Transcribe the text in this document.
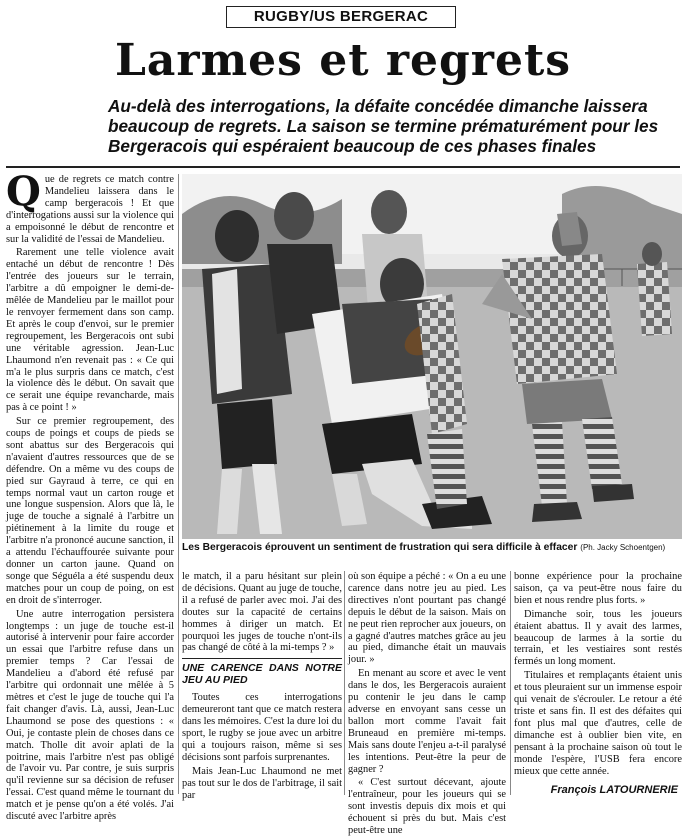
RUGBY/US BERGERAC
Larmes et regrets
Au-delà des interrogations, la défaite concédée dimanche laissera beaucoup de regrets. La saison se termine prématurément pour les Bergeracois qui espéraient beaucoup de ces phases finales

Que de regrets ce match contre Mandelieu laissera dans le camp bergeracois ! Et que d'interrogations aussi sur la violence qui a empoisonné le début de rencontre et sur la validité de l'essai de Mandelieu.

Rarement une telle violence avait entaché un début de rencontre ! Dès l'entrée des joueurs sur le terrain, l'arbitre a dû empoigner le demi-de-mêlée de Mandelieu par le maillot pour le renvoyer fermement dans son camp. Et après le coup d'envoi, sur le premier regroupement, les Bergeracois ont subi une véritable agression. Jean-Luc Lhaumond n'en revenait pas : « Ce qui m'a le plus surpris dans ce match, c'est la violence dès le début. On savait que ce serait une équipe revancharde, mais pas à ce point ! »

Sur ce premier regroupement, des coups de poings et coups de pieds se sont abattus sur des Bergeracois qui n'avaient d'autres ressources que de se défendre. On a même vu des coups de pied sur Gayraud à terre, ce qui en temps normal vaut un carton rouge et une longue suspension. Alors que là, le juge de touche a signalé à l'arbitre un piétinement à la limite du rouge et l'arbitre n'a prononcé aucune sanction, il a attendu l'échauffourée suivante pour donner un carton jaune. Quand on songe que Séguéla a été suspendu deux matches pour un coup de poing, on est en droit de s'interroger.

Une autre interrogation persistera longtemps : un juge de touche est-il autorisé à intervenir pour faire accorder un essai que l'arbitre refuse dans un premier temps ? Car l'essai de Mandelieu a d'abord été refusé par l'arbitre qui ordonnait une mêlée à 5 mètres et c'est le juge de touche qui l'a fait changer d'avis. Là, aussi, Jean-Luc Lhaumond se pose des questions : « Oui, je contaste plein de choses dans ce match. Tholle dit avoir aplati de la poitrine, mais l'arbitre n'est pas obligé de l'avoir vu. Par contre, je suis surpris qu'il revienne sur sa décision de refuser l'essai. C'est quand même le tournant du match et je pense qu'on a été volés. J'ai discuté avec l'arbitre après

Les Bergeracois éprouvent un sentiment de frustration qui sera difficile à effacer (Ph. Jacky Schoentgen)

le match, il a paru hésitant sur plein de décisions. Quant au juge de touche, il a refusé de parler avec moi. J'ai des doutes sur la capacité de certains hommes à diriger un match. Et pourquoi les juges de touche n'ont-ils pas changé de côté à la mi-temps ? »

UNE CARENCE DANS NOTRE JEU AU PIED

Toutes ces interrogations demeureront tant que ce match restera dans les mémoires. C'est la dure loi du sport, le rugby se joue avec un arbitre qui a toujours raison, même si ses décisions sont parfois surprenantes.

Mais Jean-Luc Lhaumond ne met pas tout sur le dos de l'arbitrage, il sait par

où son équipe a péché : « On a eu une carence dans notre jeu au pied. Les directives n'ont pourtant pas changé depuis le début de la saison. Mais on ne peut rien reprocher aux joueurs, on a gagné d'autres matches grâce au jeu au pied, dimanche était un mauvais jour. »

En menant au score et avec le vent dans le dos, les Bergeracois auraient pu contenir le jeu dans le camp adverse en envoyant sans cesse un ballon mort comme l'avait fait Bruneaud en première mi-temps. Mais sans doute l'enjeu a-t-il paralysé les intentions. Peut-être la peur de gagner ?

« C'est surtout décevant, ajoute l'entraîneur, pour les joueurs qui se sont investis depuis dix mois et qui échouent si près du but. Mais c'est peut-être une

bonne expérience pour la prochaine saison, ça va peut-être nous faire du bien et nous rendre plus forts. »

Dimanche soir, tous les joueurs étaient abattus. Il y avait des larmes, beaucoup de larmes à la sortie du terrain, et les vestiaires sont restés fermés un long moment.

Titulaires et remplaçants étaient unis et tous pleuraient sur un immense espoir qui venait de s'écrouler. Le retour a été triste et sans fin. Il est des défaites qui font plus mal que d'autres, celle de dimanche est à oublier bien vite, en pensant à la prochaine saison où tout le monde l'espère, l'USB fera encore mieux que cette année.

François LATOURNERIE
